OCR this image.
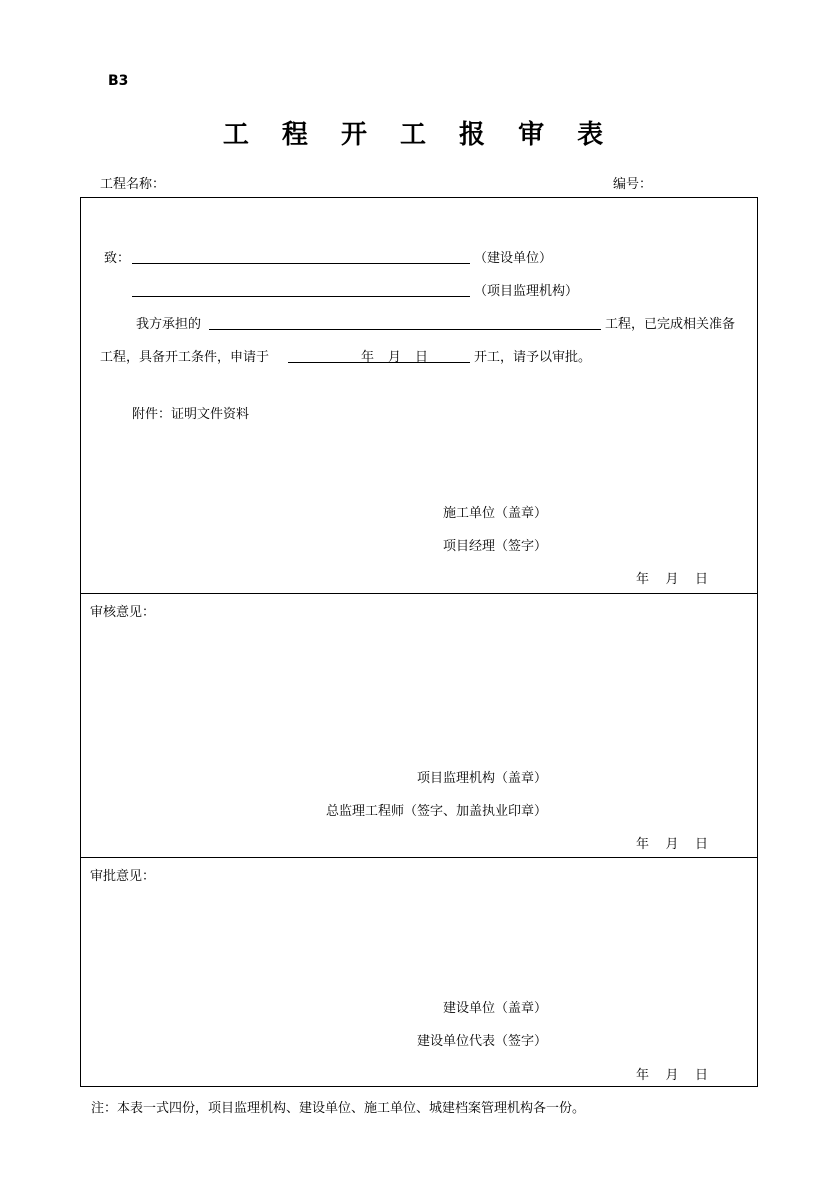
B3
工 程 开 工 报 审 表
工程名称：	编号：
致：	（建设单位）
（项目监理机构）
我方承担的	工程，已完成相关准备
工程，具备开工条件，申请于	年 月 日	开工，请予以审批。
附件：证明文件资料
施工单位（盖章）
项目经理（签字）
年    月    日
审核意见：
项目监理机构（盖章）
总监理工程师（签字、加盖执业印章）
年    月    日
审批意见：
建设单位（盖章）
建设单位代表（签字）
年    月    日
注：本表一式四份，项目监理机构、建设单位、施工单位、城建档案管理机构各一份。
